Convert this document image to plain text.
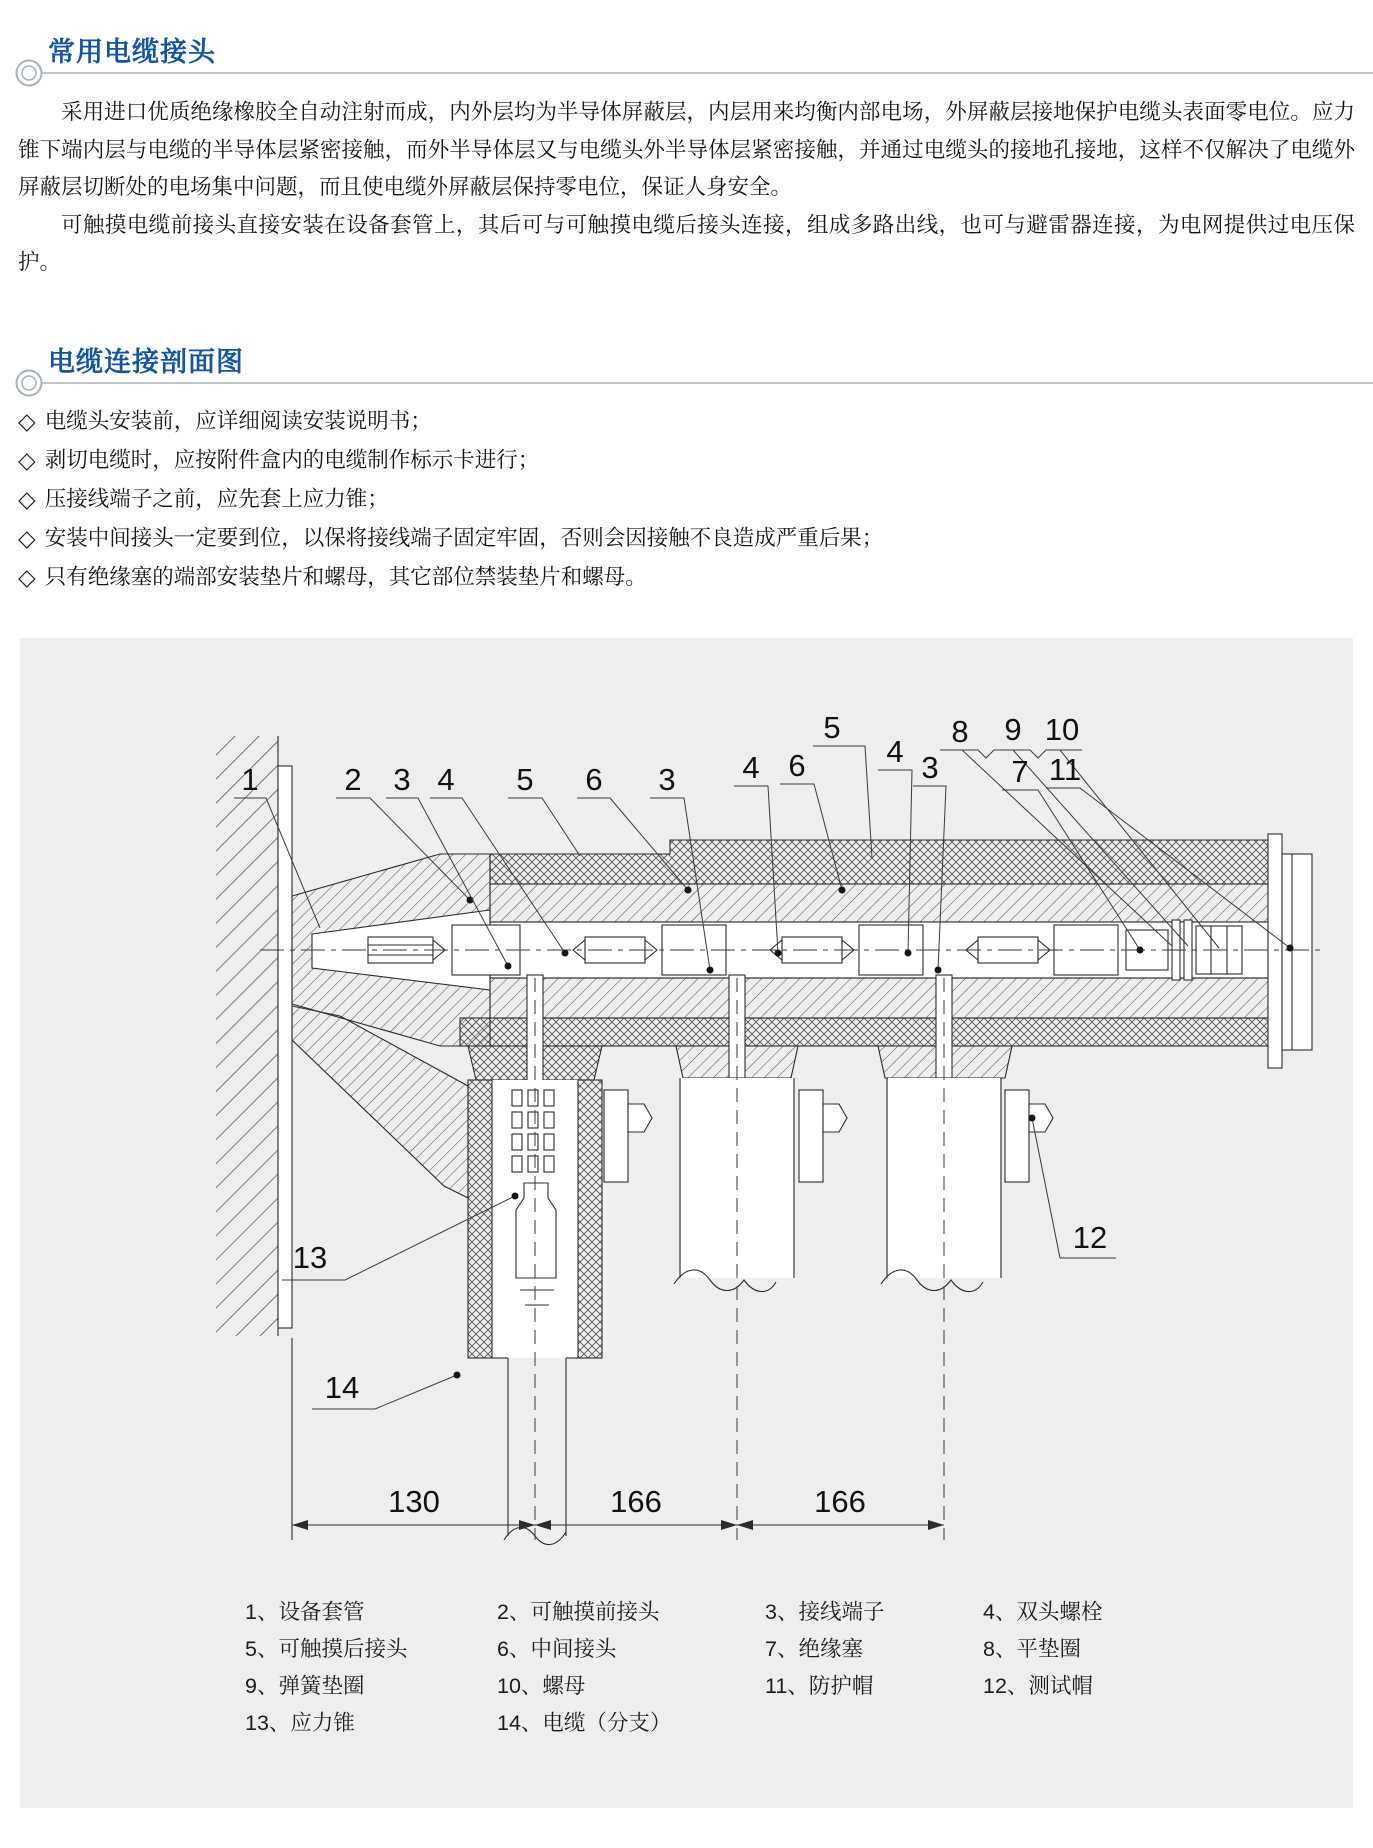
常用电缆接头

采用进口优质绝缘橡胶全自动注射而成，内外层均为半导体屏蔽层，内层用来均衡内部电场，外屏蔽层接地保护电缆头表面零电位。应力锥下端内层与电缆的半导体层紧密接触，而外半导体层又与电缆头外半导体层紧密接触，并通过电缆头的接地孔接地，这样不仅解决了电缆外屏蔽层切断处的电场集中问题，而且使电缆外屏蔽层保持零电位，保证人身安全。

可触摸电缆前接头直接安装在设备套管上，其后可与可触摸电缆后接头连接，组成多路出线，也可与避雷器连接，为电网提供过电压保护。

电缆连接剖面图
◇ 电缆头安装前，应详细阅读安装说明书；
◇ 剥切电缆时，应按附件盒内的电缆制作标示卡进行；
◇ 压接线端子之前，应先套上应力锥；
◇ 安装中间接头一定要到位，以保将接线端子固定牢固，否则会因接触不良造成严重后果；
◇ 只有绝缘塞的端部安装垫片和螺母，其它部位禁装垫片和螺母。
1	2 3 4 5 6 3 4 6
5
4 3
8 9 10
7 11
12
13
14
130	166	166
1、设备套管	2、可触摸前接头	3、接线端子	4、双头螺栓
5、可触摸后接头	6、中间接头	7、绝缘塞	8、平垫圈
9、弹簧垫圈	10、螺母	11、防护帽	12、测试帽
13、应力锥	14、电缆（分支）
